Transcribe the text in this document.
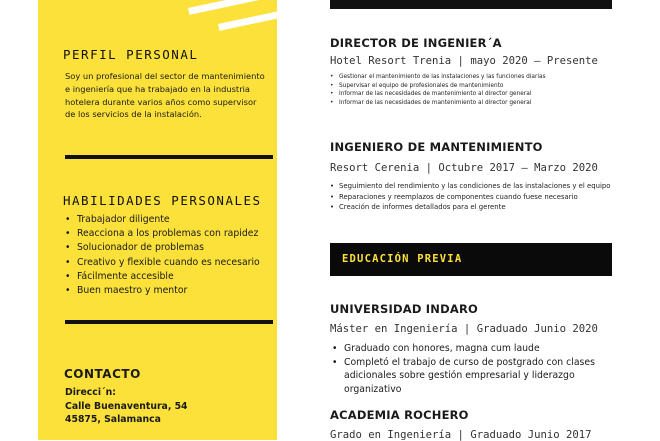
PERFIL PERSONAL
Soy un profesional del sector de mantenimiento e ingeniería que ha trabajado en la industria hotelera durante varios años como supervisor de los servicios de la instalación.
HABILIDADES PERSONALES
• Trabajador diligente
• Reacciona a los problemas con rapidez
• Solucionador de problemas
• Creativo y flexible cuando es necesario
• Fácilmente accesible
• Buen maestro y mentor
CONTACTO
Direcci´n:
Calle Buenaventura, 54
45875, Salamanca
DIRECTOR DE INGENIER´A
Hotel Resort Trenia | mayo 2020 – Presente
• Gestionar el mantenimiento de las instalaciones y las funciones diarias
• Supervisar el equipo de profesionales de mantenimiento
• Informar de las necesidades de mantenimiento al director general
• Informar de las necesidades de mantenimiento al director general
INGENIERO DE MANTENIMIENTO
Resort Cerenia | Octubre 2017 – Marzo 2020
• Seguimiento del rendimiento y las condiciones de las instalaciones y el equipo
• Reparaciones y reemplazos de componentes cuando fuese necesario
• Creación de informes detallados para el gerente
EDUCACIÓN PREVIA
UNIVERSIDAD INDARO
Máster en Ingeniería | Graduado Junio 2020
• Graduado con honores, magna cum laude
• Completó el trabajo de curso de postgrado con clases adicionales sobre gestión empresarial y liderazgo organizativo
ACADEMIA ROCHERO
Grado en Ingeniería | Graduado Junio 2017
